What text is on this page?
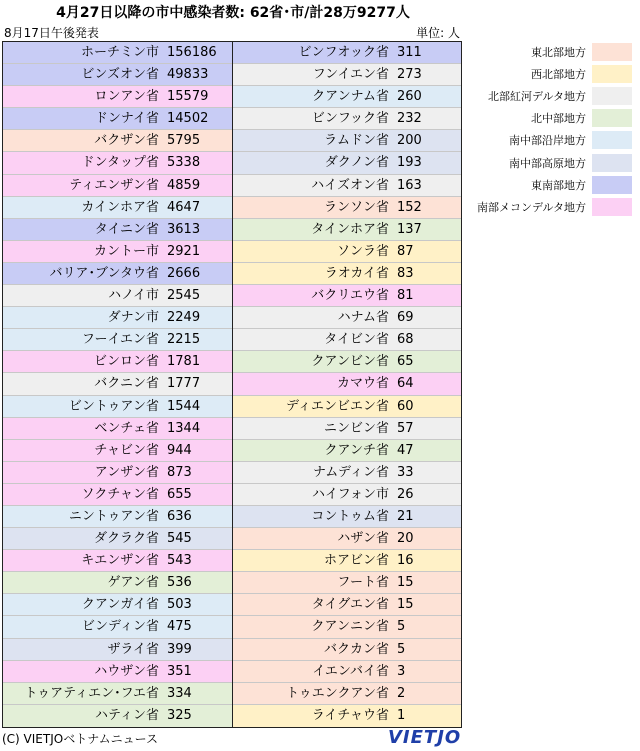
4月27日以降の市中感染者数: 62省･市/計28万9277人
8月17日午後発表	単位: 人
ホーチミン市 156186
ビンズオン省 49833
ロンアン省 15579
ドンナイ省 14502
バクザン省 5795
ドンタップ省 5338
ティエンザン省 4859
カインホア省 4647
タイニン省 3613
カントー市 2921
バリア･ブンタウ省 2666
ハノイ市 2545
ダナン市 2249
フーイエン省 2215
ビンロン省 1781
バクニン省 1777
ビントゥアン省 1544
ベンチェ省 1344
チャビン省 944
アンザン省 873
ソクチャン省 655
ニントゥアン省 636
ダクラク省 545
キエンザン省 543
ゲアン省 536
クアンガイ省 503
ビンディン省 475
ザライ省 399
ハウザン省 351
トゥアティエン･フエ省 334
ハティン省 325
ビンフオック省 311
フンイエン省 273
クアンナム省 260
ビンフック省 232
ラムドン省 200
ダクノン省 193
ハイズオン省 163
ランソン省 152
タインホア省 137
ソンラ省 87
ラオカイ省 83
バクリエウ省 81
ハナム省 69
タイビン省 68
クアンビン省 65
カマウ省 64
ディエンビエン省 60
ニンビン省 57
クアンチ省 47
ナムディン省 33
ハイフォン市 26
コントゥム省 21
ハザン省 20
ホアビン省 16
フート省 15
タイグエン省 15
クアンニン省 5
バクカン省 5
イエンバイ省 3
トゥエンクアン省 2
ライチャウ省 1
東北部地方
西北部地方
北部紅河デルタ地方
北中部地方
南中部沿岸地方
南中部高原地方
東南部地方
南部メコンデルタ地方
(C) VIETJOベトナムニュース	VIETJO
